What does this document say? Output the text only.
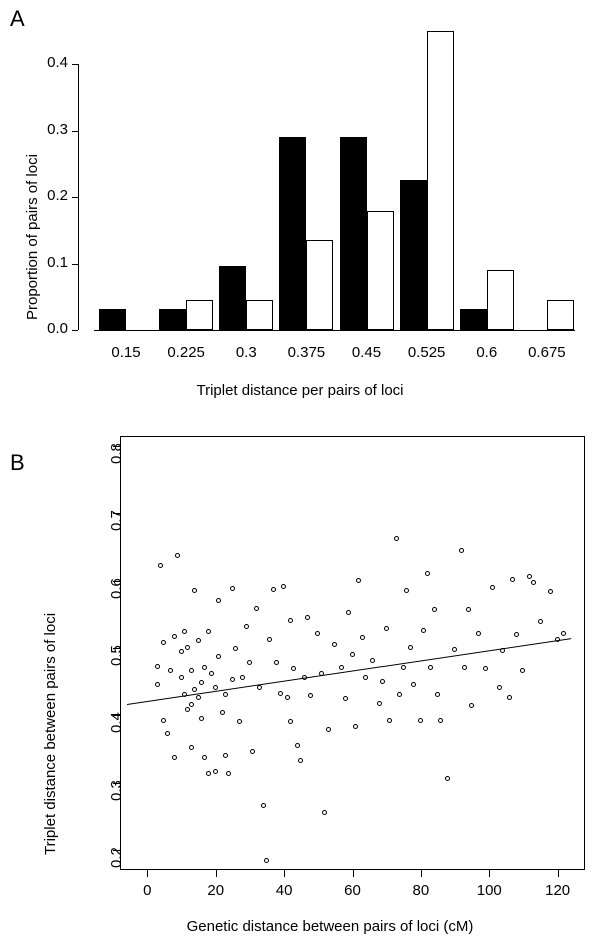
A
0.0
0.1
0.2
0.3
0.4
Proportion of pairs of loci
0.15	0.225	0.3	0.375	0.45	0.525	0.6	0.675
Triplet distance per pairs of loci
B
0.2
0.3
0.4
0.5
0.6
0.7
0.8
0	20	40	60	80	100	120
Triplet distance between pairs of loci
Genetic distance between pairs of loci (cM)
